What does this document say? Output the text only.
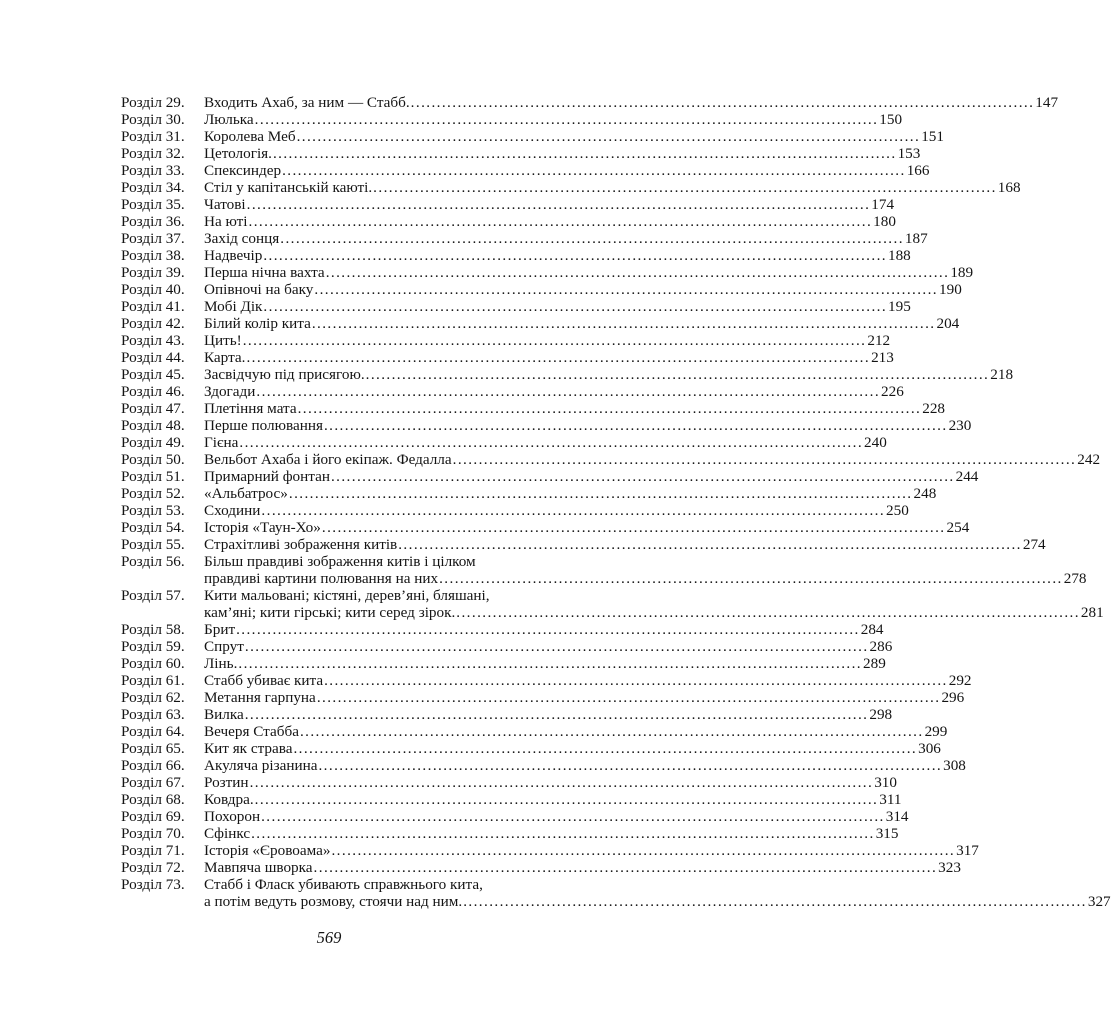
Розділ 29.	Входить Ахаб, за ним — Стабб. ........................................................................................................................ 147
Розділ 30.	Люлька ........................................................................................................................ 150
Розділ 31.	Королева Меб ........................................................................................................................ 151
Розділ 32.	Цетологія. ........................................................................................................................ 153
Розділ 33.	Спексиндер ........................................................................................................................ 166
Розділ 34.	Стіл у капітанській каюті. ........................................................................................................................ 168
Розділ 35.	Чатові ........................................................................................................................ 174
Розділ 36.	На юті ........................................................................................................................ 180
Розділ 37.	Захід сонця ........................................................................................................................ 187
Розділ 38.	Надвечір ........................................................................................................................ 188
Розділ 39.	Перша нічна вахта ........................................................................................................................ 189
Розділ 40.	Опівночі на баку ........................................................................................................................ 190
Розділ 41.	Мобі Дік ........................................................................................................................ 195
Розділ 42.	Білий колір кита ........................................................................................................................ 204
Розділ 43.	Цить! ........................................................................................................................ 212
Розділ 44.	Карта. ........................................................................................................................ 213
Розділ 45.	Засвідчую під присягою. ........................................................................................................................ 218
Розділ 46.	Здогади ........................................................................................................................ 226
Розділ 47.	Плетіння мата ........................................................................................................................ 228
Розділ 48.	Перше полювання ........................................................................................................................ 230
Розділ 49.	Гієна ........................................................................................................................ 240
Розділ 50.	Вельбот Ахаба і його екіпаж. Федалла ........................................................................................................................ 242
Розділ 51.	Примарний фонтан ........................................................................................................................ 244
Розділ 52.	«Альбатрос» ........................................................................................................................ 248
Розділ 53.	Сходини ........................................................................................................................ 250
Розділ 54.	Історія «Таун-Хо» ........................................................................................................................ 254
Розділ 55.	Страхітливі зображення китів ........................................................................................................................ 274
Розділ 56.	Більш правдиві зображення китів і цілком
правдиві картини полювання на них ........................................................................................................................ 278
Розділ 57.	Кити мальовані; кістяні, дерев’яні, бляшані,
кам’яні; кити гірські; кити серед зірок. ........................................................................................................................ 281
Розділ 58.	Брит ........................................................................................................................ 284
Розділ 59.	Спрут ........................................................................................................................ 286
Розділ 60.	Лінь. ........................................................................................................................ 289
Розділ 61.	Стабб убиває кита ........................................................................................................................ 292
Розділ 62.	Метання гарпуна ........................................................................................................................ 296
Розділ 63.	Вилка ........................................................................................................................ 298
Розділ 64.	Вечеря Стабба ........................................................................................................................ 299
Розділ 65.	Кит як страва ........................................................................................................................ 306
Розділ 66.	Акуляча різанина ........................................................................................................................ 308
Розділ 67.	Розтин ........................................................................................................................ 310
Розділ 68.	Ковдра. ........................................................................................................................ 311
Розділ 69.	Похорон ........................................................................................................................ 314
Розділ 70.	Сфінкс ........................................................................................................................ 315
Розділ 71.	Історія «Єровоама» ........................................................................................................................ 317
Розділ 72.	Мавпяча шворка ........................................................................................................................ 323
Розділ 73.	Стабб і Фласк убивають справжнього кита,
а потім ведуть розмову, стоячи над ним. ........................................................................................................................ 327
569
